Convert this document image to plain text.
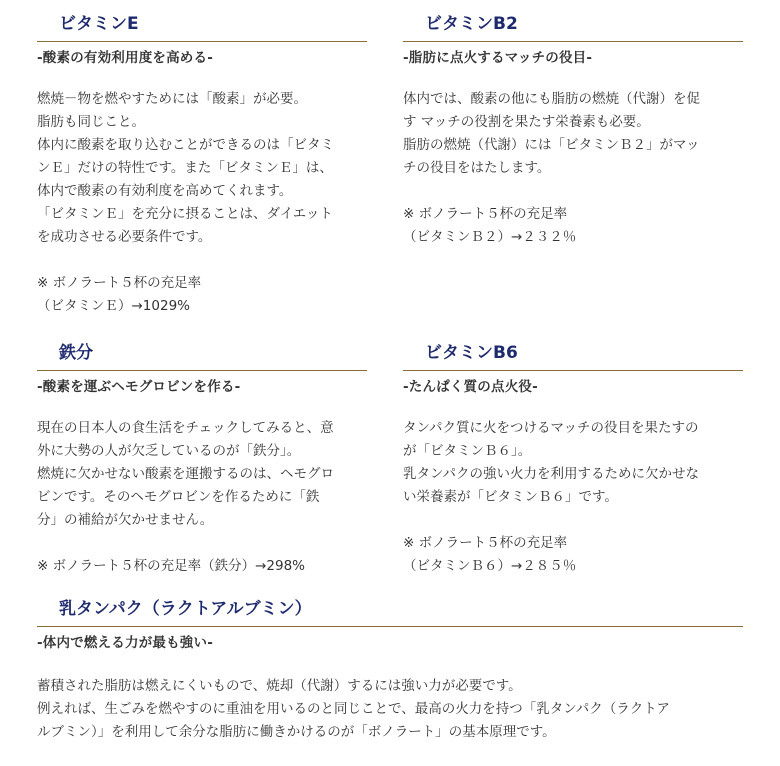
ビタミンE
-酸素の有効利用度を高める-

燃焼－物を燃やすためには「酸素」が必要。
脂肪も同じこと。
体内に酸素を取り込むことができるのは「ビタミ
ンＥ」だけの特性です。また「ビタミンＥ」は、
体内で酸素の有効利度を高めてくれます。
「ビタミンＥ」を充分に摂ることは、ダイエット
を成功させる必要条件です。

※ ボノラート５杯の充足率
（ビタミンＥ）→1029%

ビタミンB2
-脂肪に点火するマッチの役目-

体内では、酸素の他にも脂肪の燃焼（代謝）を促
す マッチの役割を果たす栄養素も必要。
脂肪の燃焼（代謝）には「ビタミンＢ２」がマッ
チの役目をはたします。

※ ボノラート５杯の充足率
（ビタミンＢ２）→２３２％

鉄分
-酸素を運ぶヘモグロビンを作る-

現在の日本人の食生活をチェックしてみると、意
外に大勢の人が欠乏しているのが「鉄分」。
燃焼に欠かせない酸素を運搬するのは、ヘモグロ
ビンです。そのヘモグロビンを作るために「鉄
分」の補給が欠かせません。

※ ボノラート５杯の充足率（鉄分）→298%

ビタミンB6
-たんぱく質の点火役-

タンパク質に火をつけるマッチの役目を果たすの
が「ビタミンＢ６」。
乳タンパクの強い火力を利用するために欠かせな
い栄養素が「ビタミンＢ６」です。

※ ボノラート５杯の充足率
（ビタミンＢ６）→２８５％

乳タンパク（ラクトアルブミン）
-体内で燃える力が最も強い-

蓄積された脂肪は燃えにくいもので、焼却（代謝）するには強い力が必要です。
例えれば、生ごみを燃やすのに重油を用いるのと同じことで、最高の火力を持つ「乳タンパク（ラクトア
ルブミン）」を利用して余分な脂肪に働きかけるのが「ボノラート」の基本原理です。
